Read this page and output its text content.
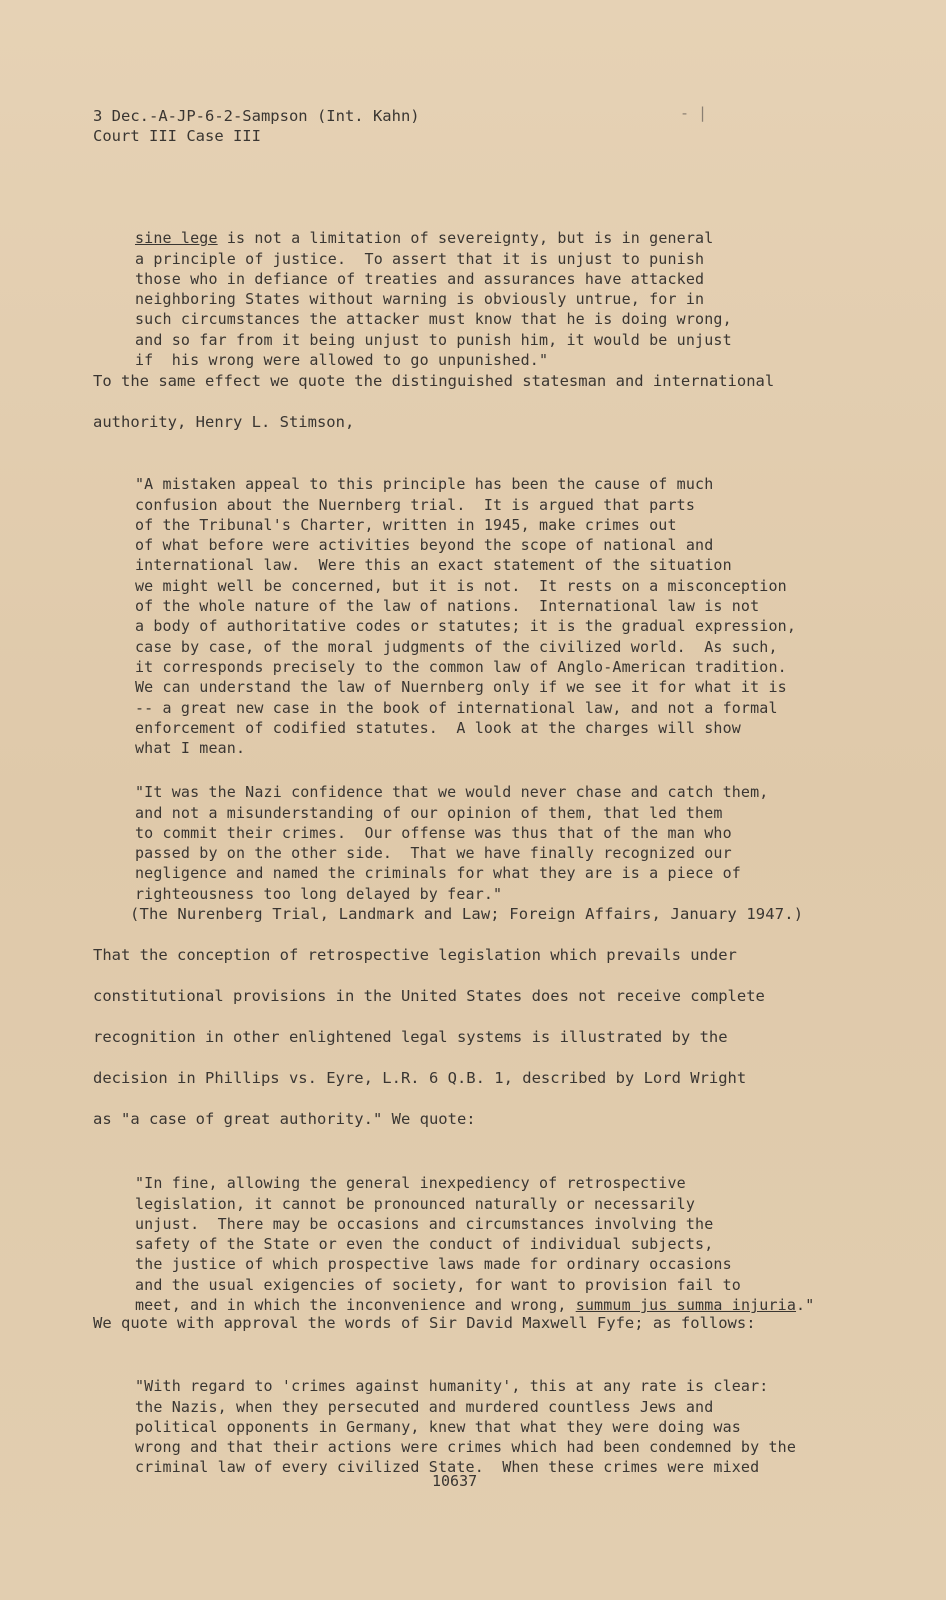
3 Dec.-A-JP-6-2-Sampson (Int. Kahn)
Court III Case III
- |

sine lege is not a limitation of severeignty, but is in general
a principle of justice.  To assert that it is unjust to punish
those who in defiance of treaties and assurances have attacked
neighboring States without warning is obviously untrue, for in
such circumstances the attacker must know that he is doing wrong,
and so far from it being unjust to punish him, it would be unjust
if  his wrong were allowed to go unpunished."

To the same effect we quote the distinguished statesman and international
authority, Henry L. Stimson,

"A mistaken appeal to this principle has been the cause of much
confusion about the Nuernberg trial.  It is argued that parts
of the Tribunal's Charter, written in 1945, make crimes out
of what before were activities beyond the scope of national and
international law.  Were this an exact statement of the situation
we might well be concerned, but it is not.  It rests on a misconception
of the whole nature of the law of nations.  International law is not
a body of authoritative codes or statutes; it is the gradual expression,
case by case, of the moral judgments of the civilized world.  As such,
it corresponds precisely to the common law of Anglo-American tradition.
We can understand the law of Nuernberg only if we see it for what it is
-- a great new case in the book of international law, and not a formal
enforcement of codified statutes.  A look at the charges will show
what I mean.

"It was the Nazi confidence that we would never chase and catch them,
and not a misunderstanding of our opinion of them, that led them
to commit their crimes.  Our offense was thus that of the man who
passed by on the other side.  That we have finally recognized our
negligence and named the criminals for what they are is a piece of
righteousness too long delayed by fear."

(The Nurenberg Trial, Landmark and Law; Foreign Affairs, January 1947.)
That the conception of retrospective legislation which prevails under
constitutional provisions in the United States does not receive complete
recognition in other enlightened legal systems is illustrated by the
decision in Phillips vs. Eyre, L.R. 6 Q.B. 1, described by Lord Wright
as "a case of great authority." We quote:

"In fine, allowing the general inexpediency of retrospective
legislation, it cannot be pronounced naturally or necessarily
unjust.  There may be occasions and circumstances involving the
safety of the State or even the conduct of individual subjects,
the justice of which prospective laws made for ordinary occasions
and the usual exigencies of society, for want to provision fail to
meet, and in which the inconvenience and wrong, summum jus summa injuria."

We quote with approval the words of Sir David Maxwell Fyfe; as follows:

"With regard to 'crimes against humanity', this at any rate is clear:
the Nazis, when they persecuted and murdered countless Jews and
political opponents in Germany, knew that what they were doing was
wrong and that their actions were crimes which had been condemned by the
criminal law of every civilized State.  When these crimes were mixed

10637
